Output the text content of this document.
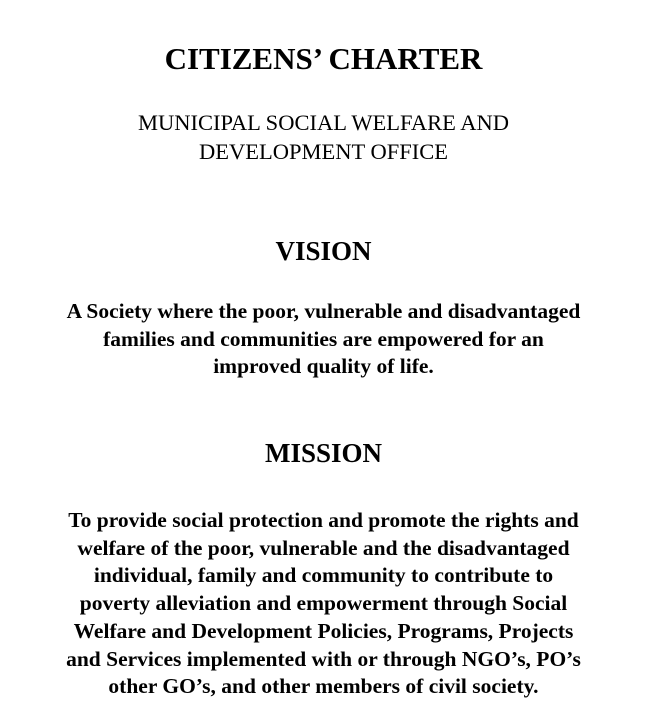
CITIZENS’ CHARTER

MUNICIPAL SOCIAL WELFARE AND
DEVELOPMENT OFFICE

VISION

A Society where the poor, vulnerable and disadvantaged
families and communities are empowered for an
improved quality of life.

MISSION

To provide social protection and promote the rights and
welfare of the poor, vulnerable and the disadvantaged
individual, family and community to contribute to
poverty alleviation and empowerment through Social
Welfare and Development Policies, Programs, Projects
and Services implemented with or through NGO’s, PO’s
other GO’s, and other members of civil society.
